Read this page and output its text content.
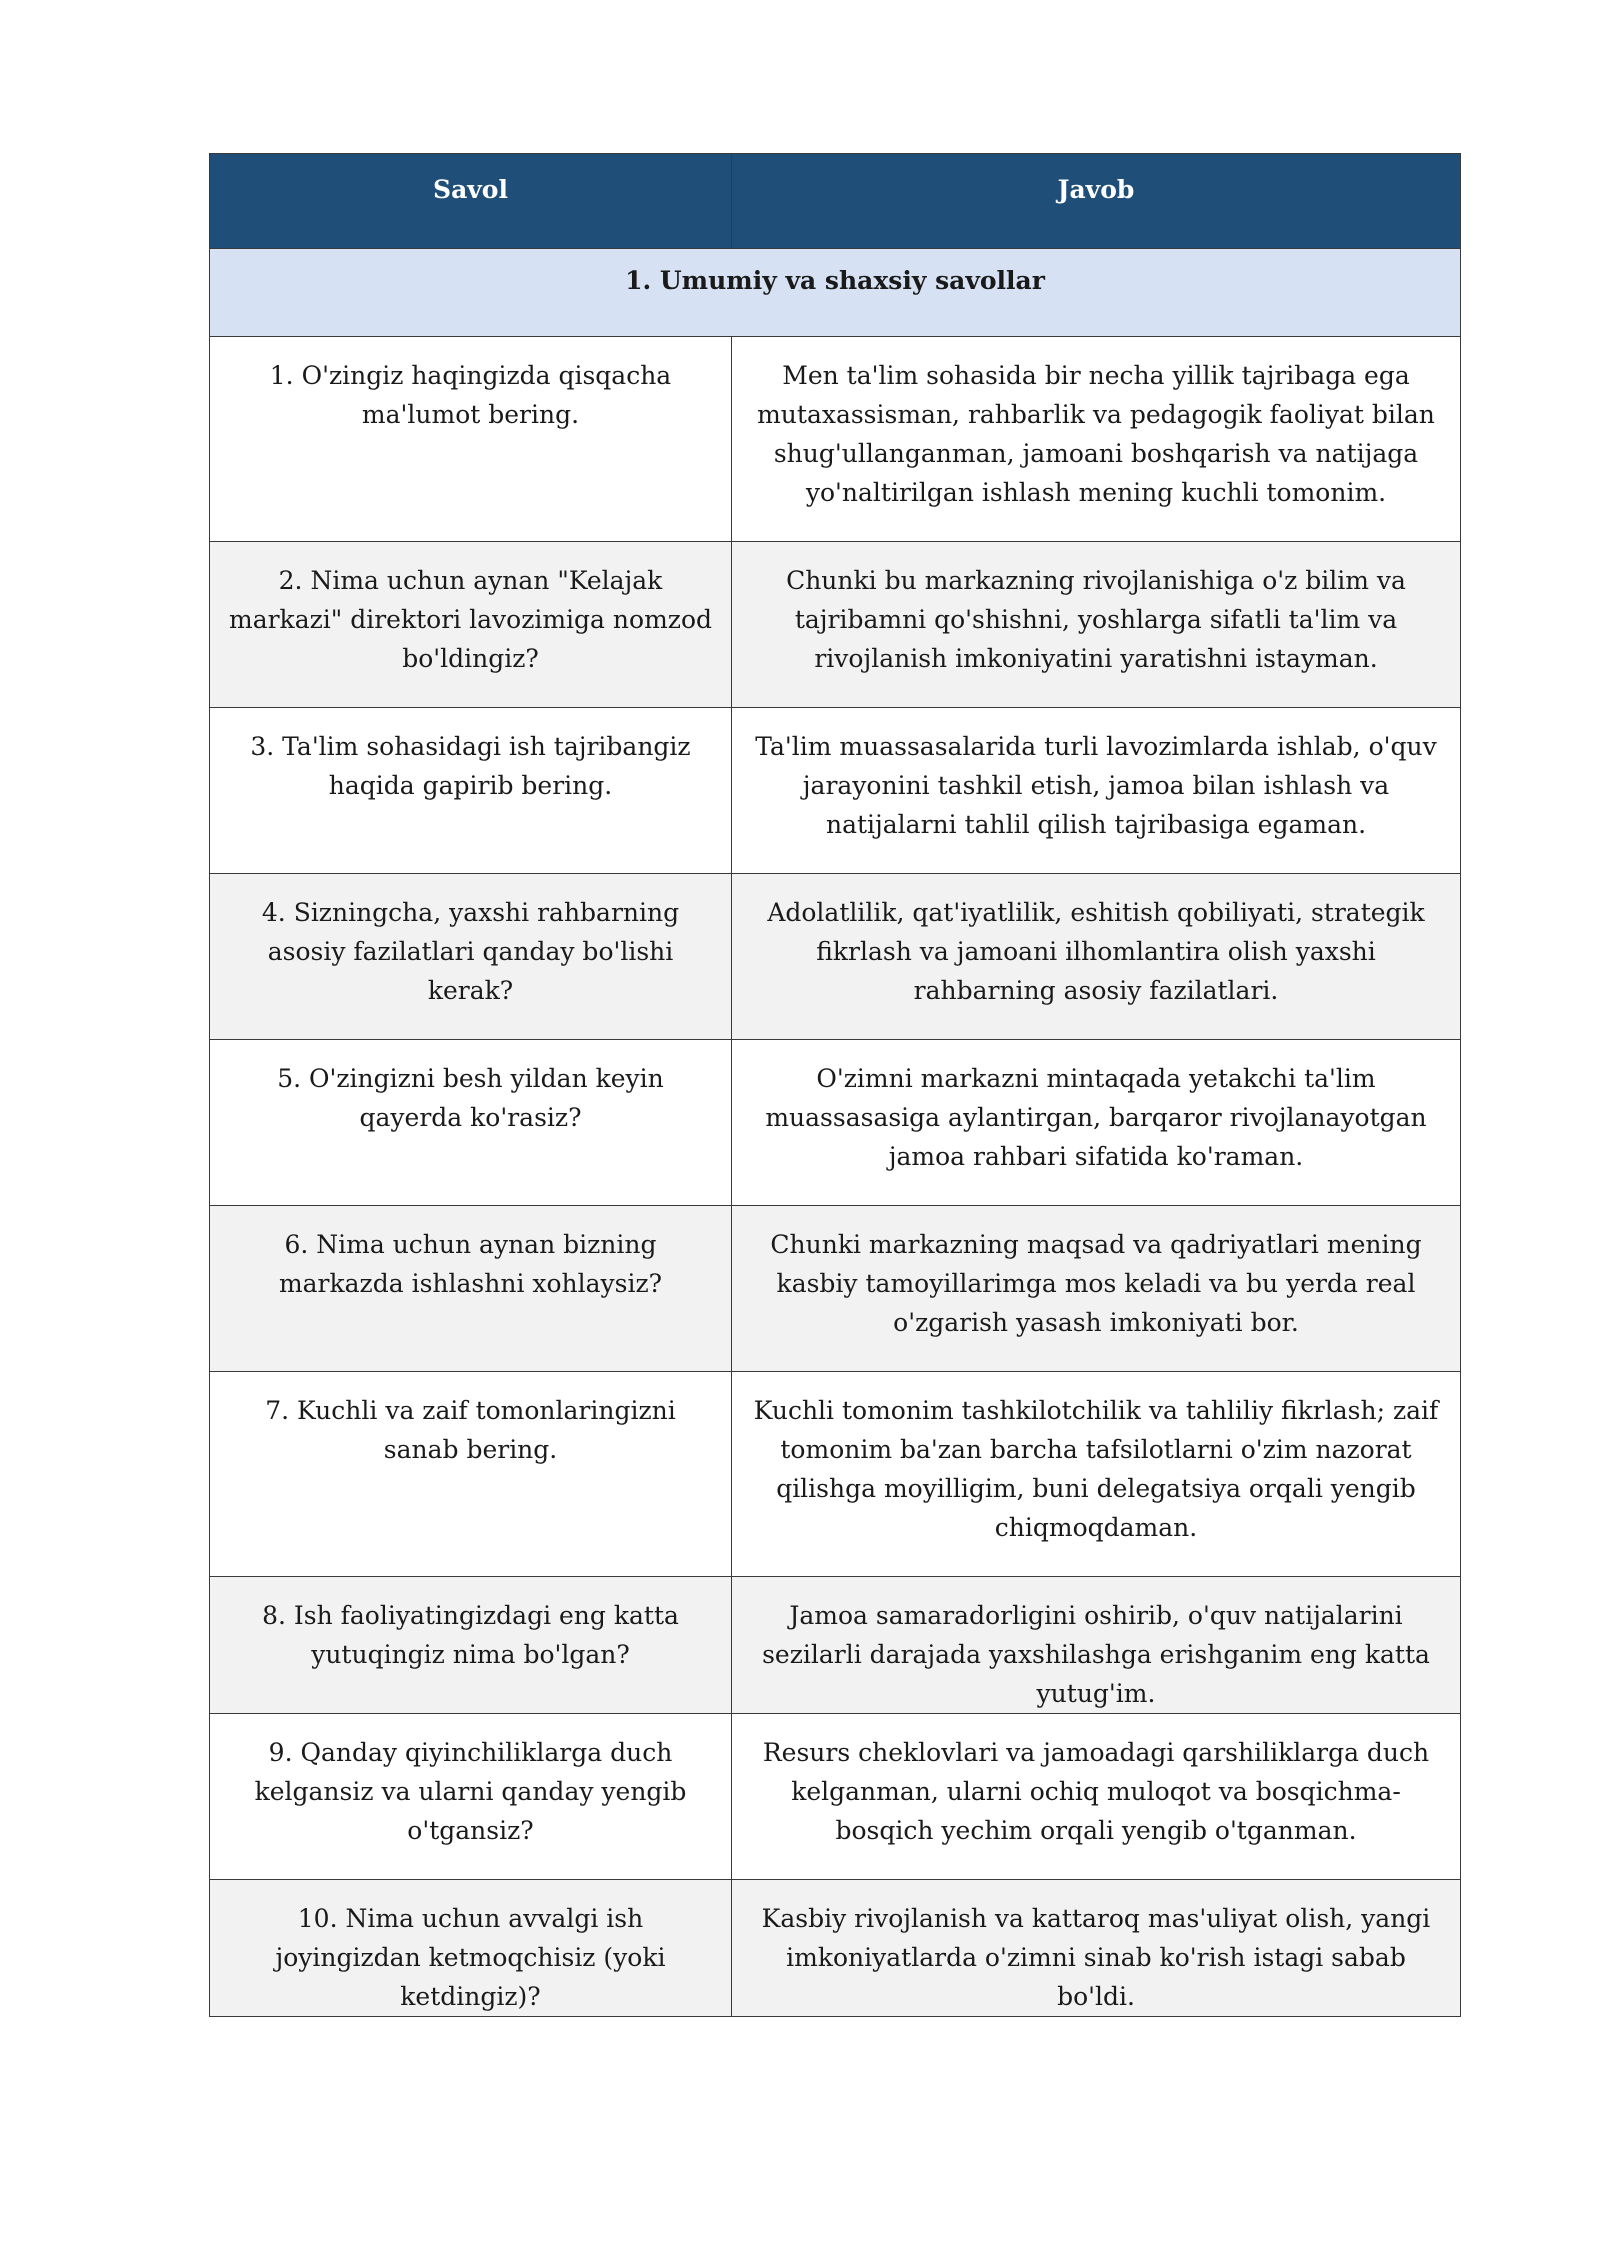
Savol	Javob
1. Umumiy va shaxsiy savollar	
1. O'zingiz haqingizda qisqacha ma'lumot bering.	Men ta'lim sohasida bir necha yillik tajribaga ega mutaxassisman, rahbarlik va pedagogik faoliyat bilan shug'ullanganman, jamoani boshqarish va natijaga yo'naltirilgan ishlash mening kuchli tomonim.
2. Nima uchun aynan "Kelajak markazi" direktori lavozimiga nomzod bo'ldingiz?	Chunki bu markazning rivojlanishiga o'z bilim va tajribamni qo'shishni, yoshlarga sifatli ta'lim va rivojlanish imkoniyatini yaratishni istayman.
3. Ta'lim sohasidagi ish tajribangiz haqida gapirib bering.	Ta'lim muassasalarida turli lavozimlarda ishlab, o'quv jarayonini tashkil etish, jamoa bilan ishlash va natijalarni tahlil qilish tajribasiga egaman.
4. Sizningcha, yaxshi rahbarning asosiy fazilatlari qanday bo'lishi kerak?	Adolatlilik, qat'iyatlilik, eshitish qobiliyati, strategik fikrlash va jamoani ilhomlantira olish yaxshi rahbarning asosiy fazilatlari.
5. O'zingizni besh yildan keyin qayerda ko'rasiz?	O'zimni markazni mintaqada yetakchi ta'lim muassasasiga aylantirgan, barqaror rivojlanayotgan jamoa rahbari sifatida ko'raman.
6. Nima uchun aynan bizning markazda ishlashni xohlaysiz?	Chunki markazning maqsad va qadriyatlari mening kasbiy tamoyillarimga mos keladi va bu yerda real o'zgarish yasash imkoniyati bor.
7. Kuchli va zaif tomonlaringizni sanab bering.	Kuchli tomonim tashkilotchilik va tahliliy fikrlash; zaif tomonim ba'zan barcha tafsilotlarni o'zim nazorat qilishga moyilligim, buni delegatsiya orqali yengib chiqmoqdaman.
8. Ish faoliyatingizdagi eng katta yutuqingiz nima bo'lgan?	Jamoa samaradorligini oshirib, o'quv natijalarini sezilarli darajada yaxshilashga erishganim eng katta yutug'im.
9. Qanday qiyinchiliklarga duch kelgansiz va ularni qanday yengib o'tgansiz?	Resurs cheklovlari va jamoadagi qarshiliklarga duch kelganman, ularni ochiq muloqot va bosqichma-bosqich yechim orqali yengib o'tganman.
10. Nima uchun avvalgi ish joyingizdan ketmoqchisiz (yoki ketdingiz)?	Kasbiy rivojlanish va kattaroq mas'uliyat olish, yangi imkoniyatlarda o'zimni sinab ko'rish istagi sabab bo'ldi.
